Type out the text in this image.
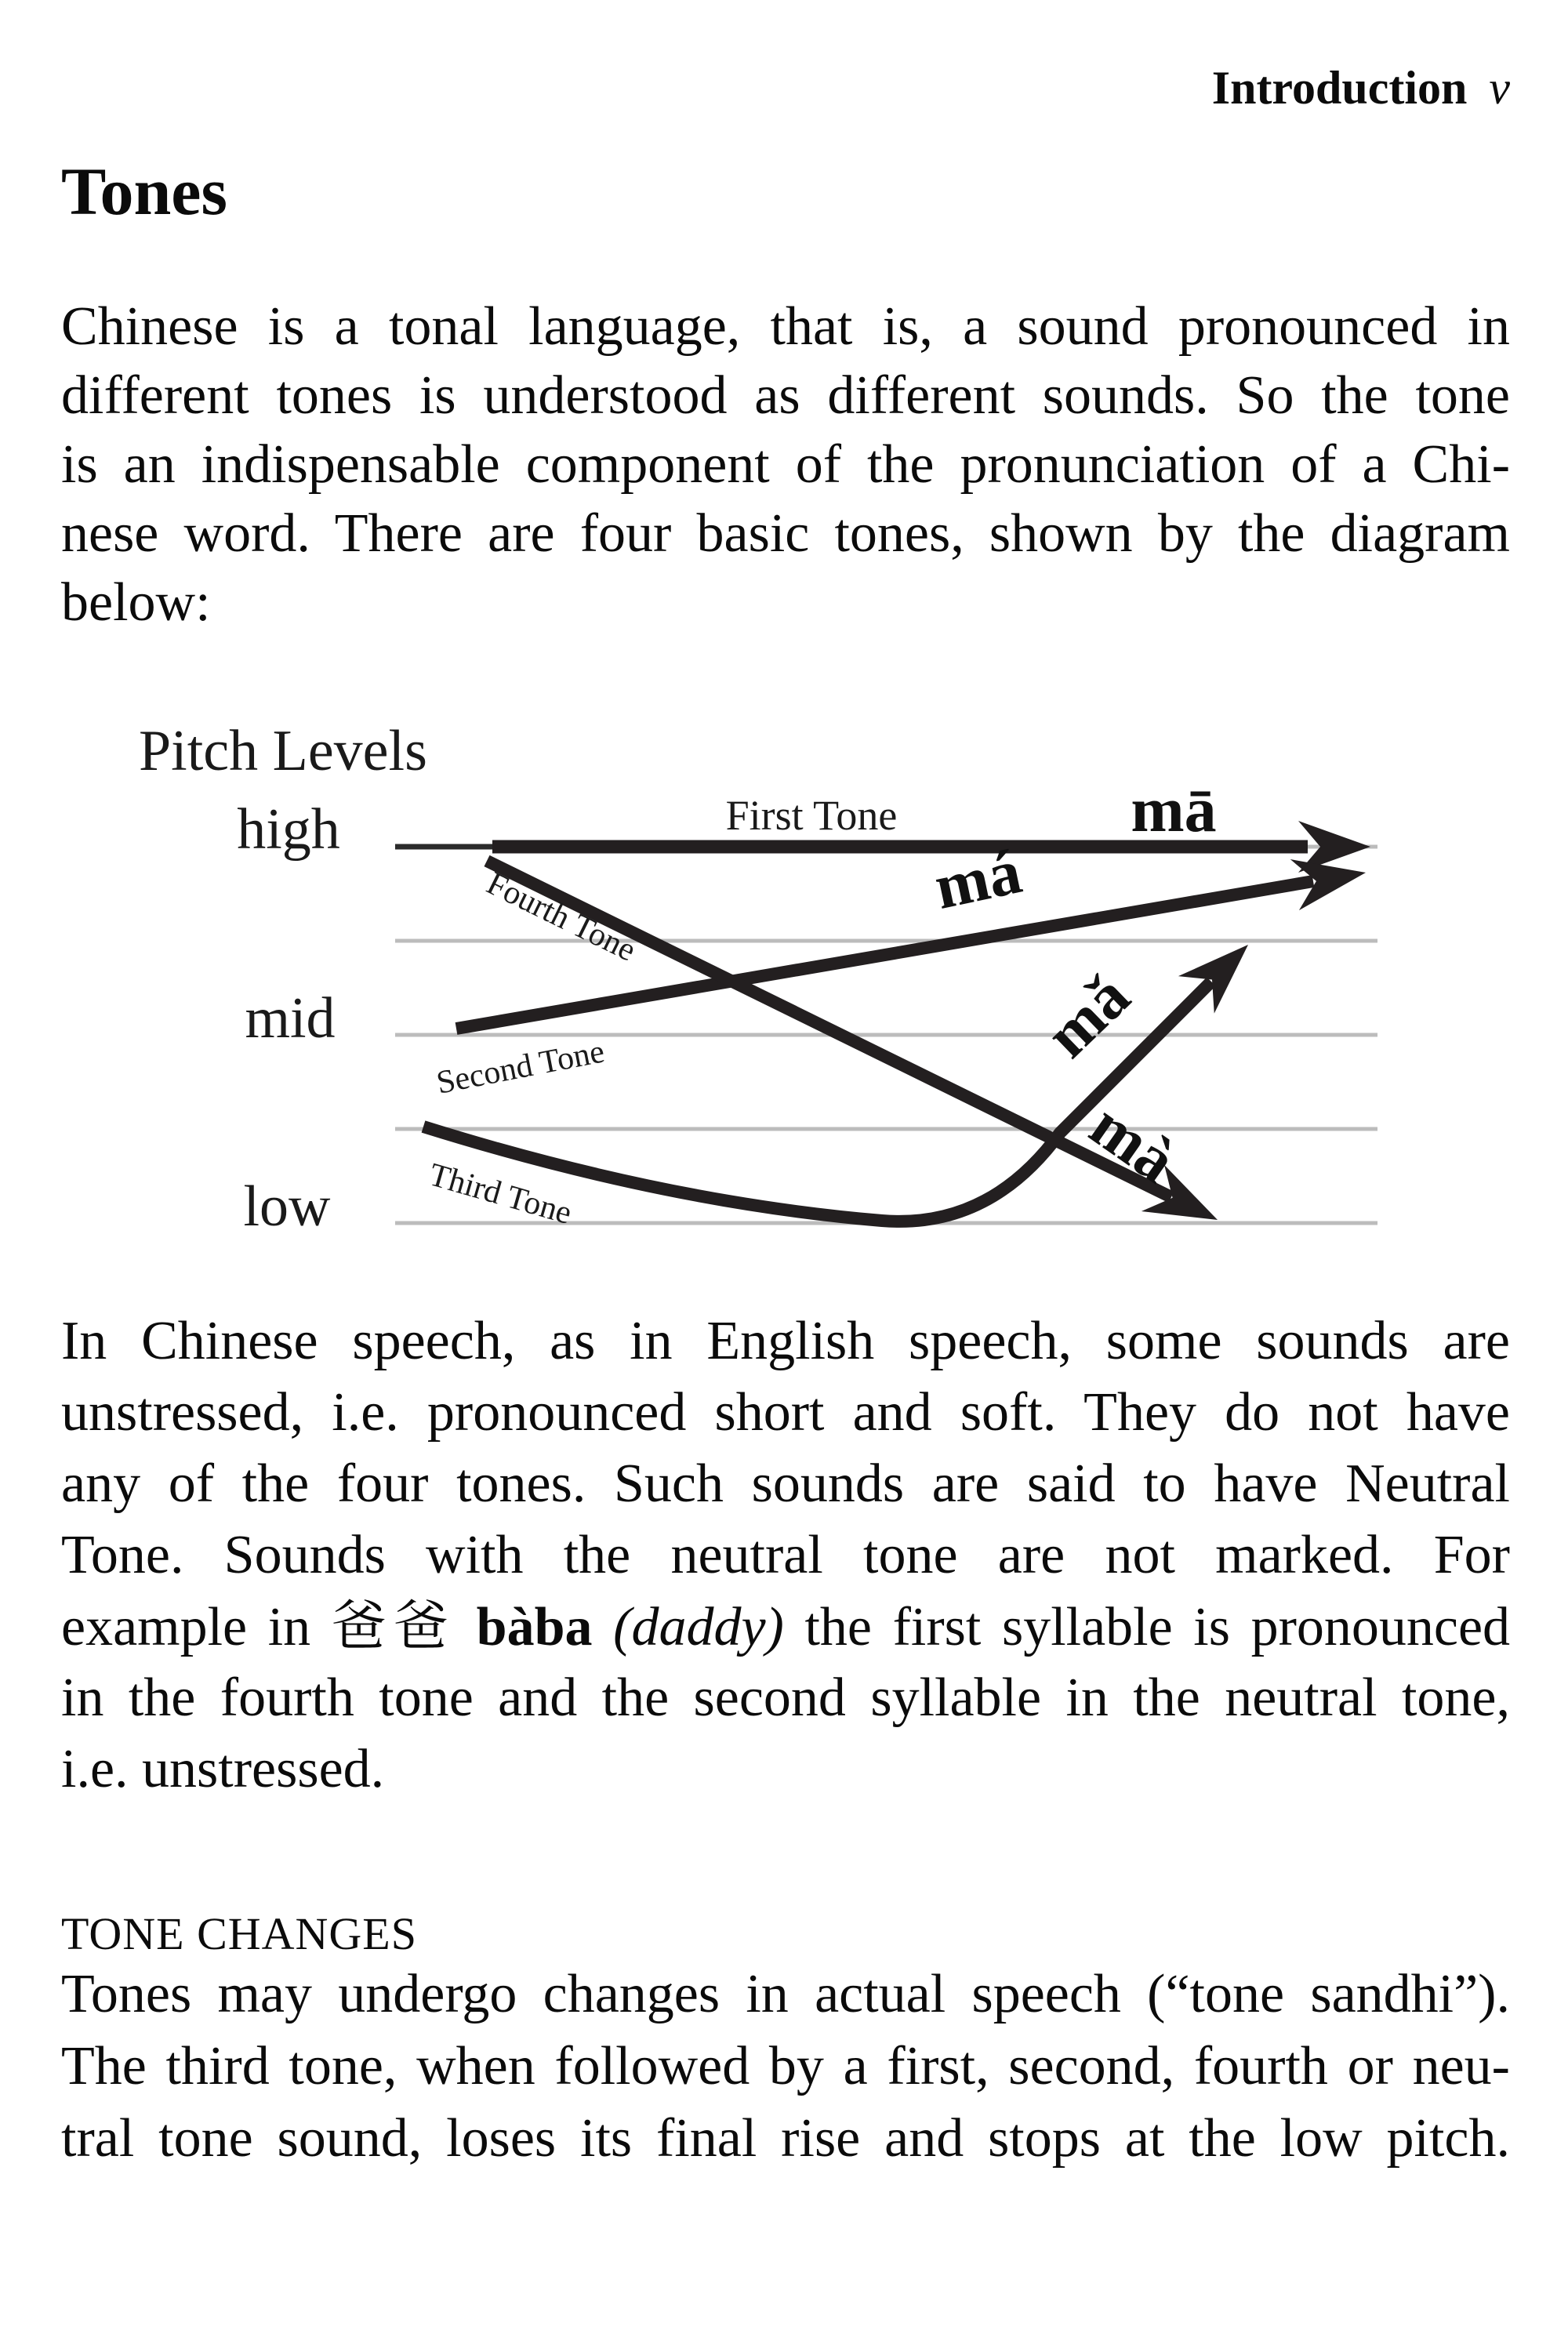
Introduction v
Tones
Chinese is a tonal language, that is, a sound pronounced in
different tones is understood as different sounds. So the tone
is an indispensable component of the pronunciation of a Chi-
nese word. There are four basic tones, shown by the diagram
below:
Pitch Levels
high
mid
low
First Tone
Second Tone
Third Tone
Fourth Tone
mā
má
mǎ
mà
In Chinese speech, as in English speech, some sounds are
unstressed, i.e. pronounced short and soft. They do not have
any of the four tones. Such sounds are said to have Neutral
Tone. Sounds with the neutral tone are not marked. For
example in 爸爸 bàba (daddy) the first syllable is pronounced
in the fourth tone and the second syllable in the neutral tone,
i.e. unstressed.
TONE CHANGES
Tones may undergo changes in actual speech (“tone sandhi”).
The third tone, when followed by a first, second, fourth or neu-
tral tone sound, loses its final rise and stops at the low pitch.
